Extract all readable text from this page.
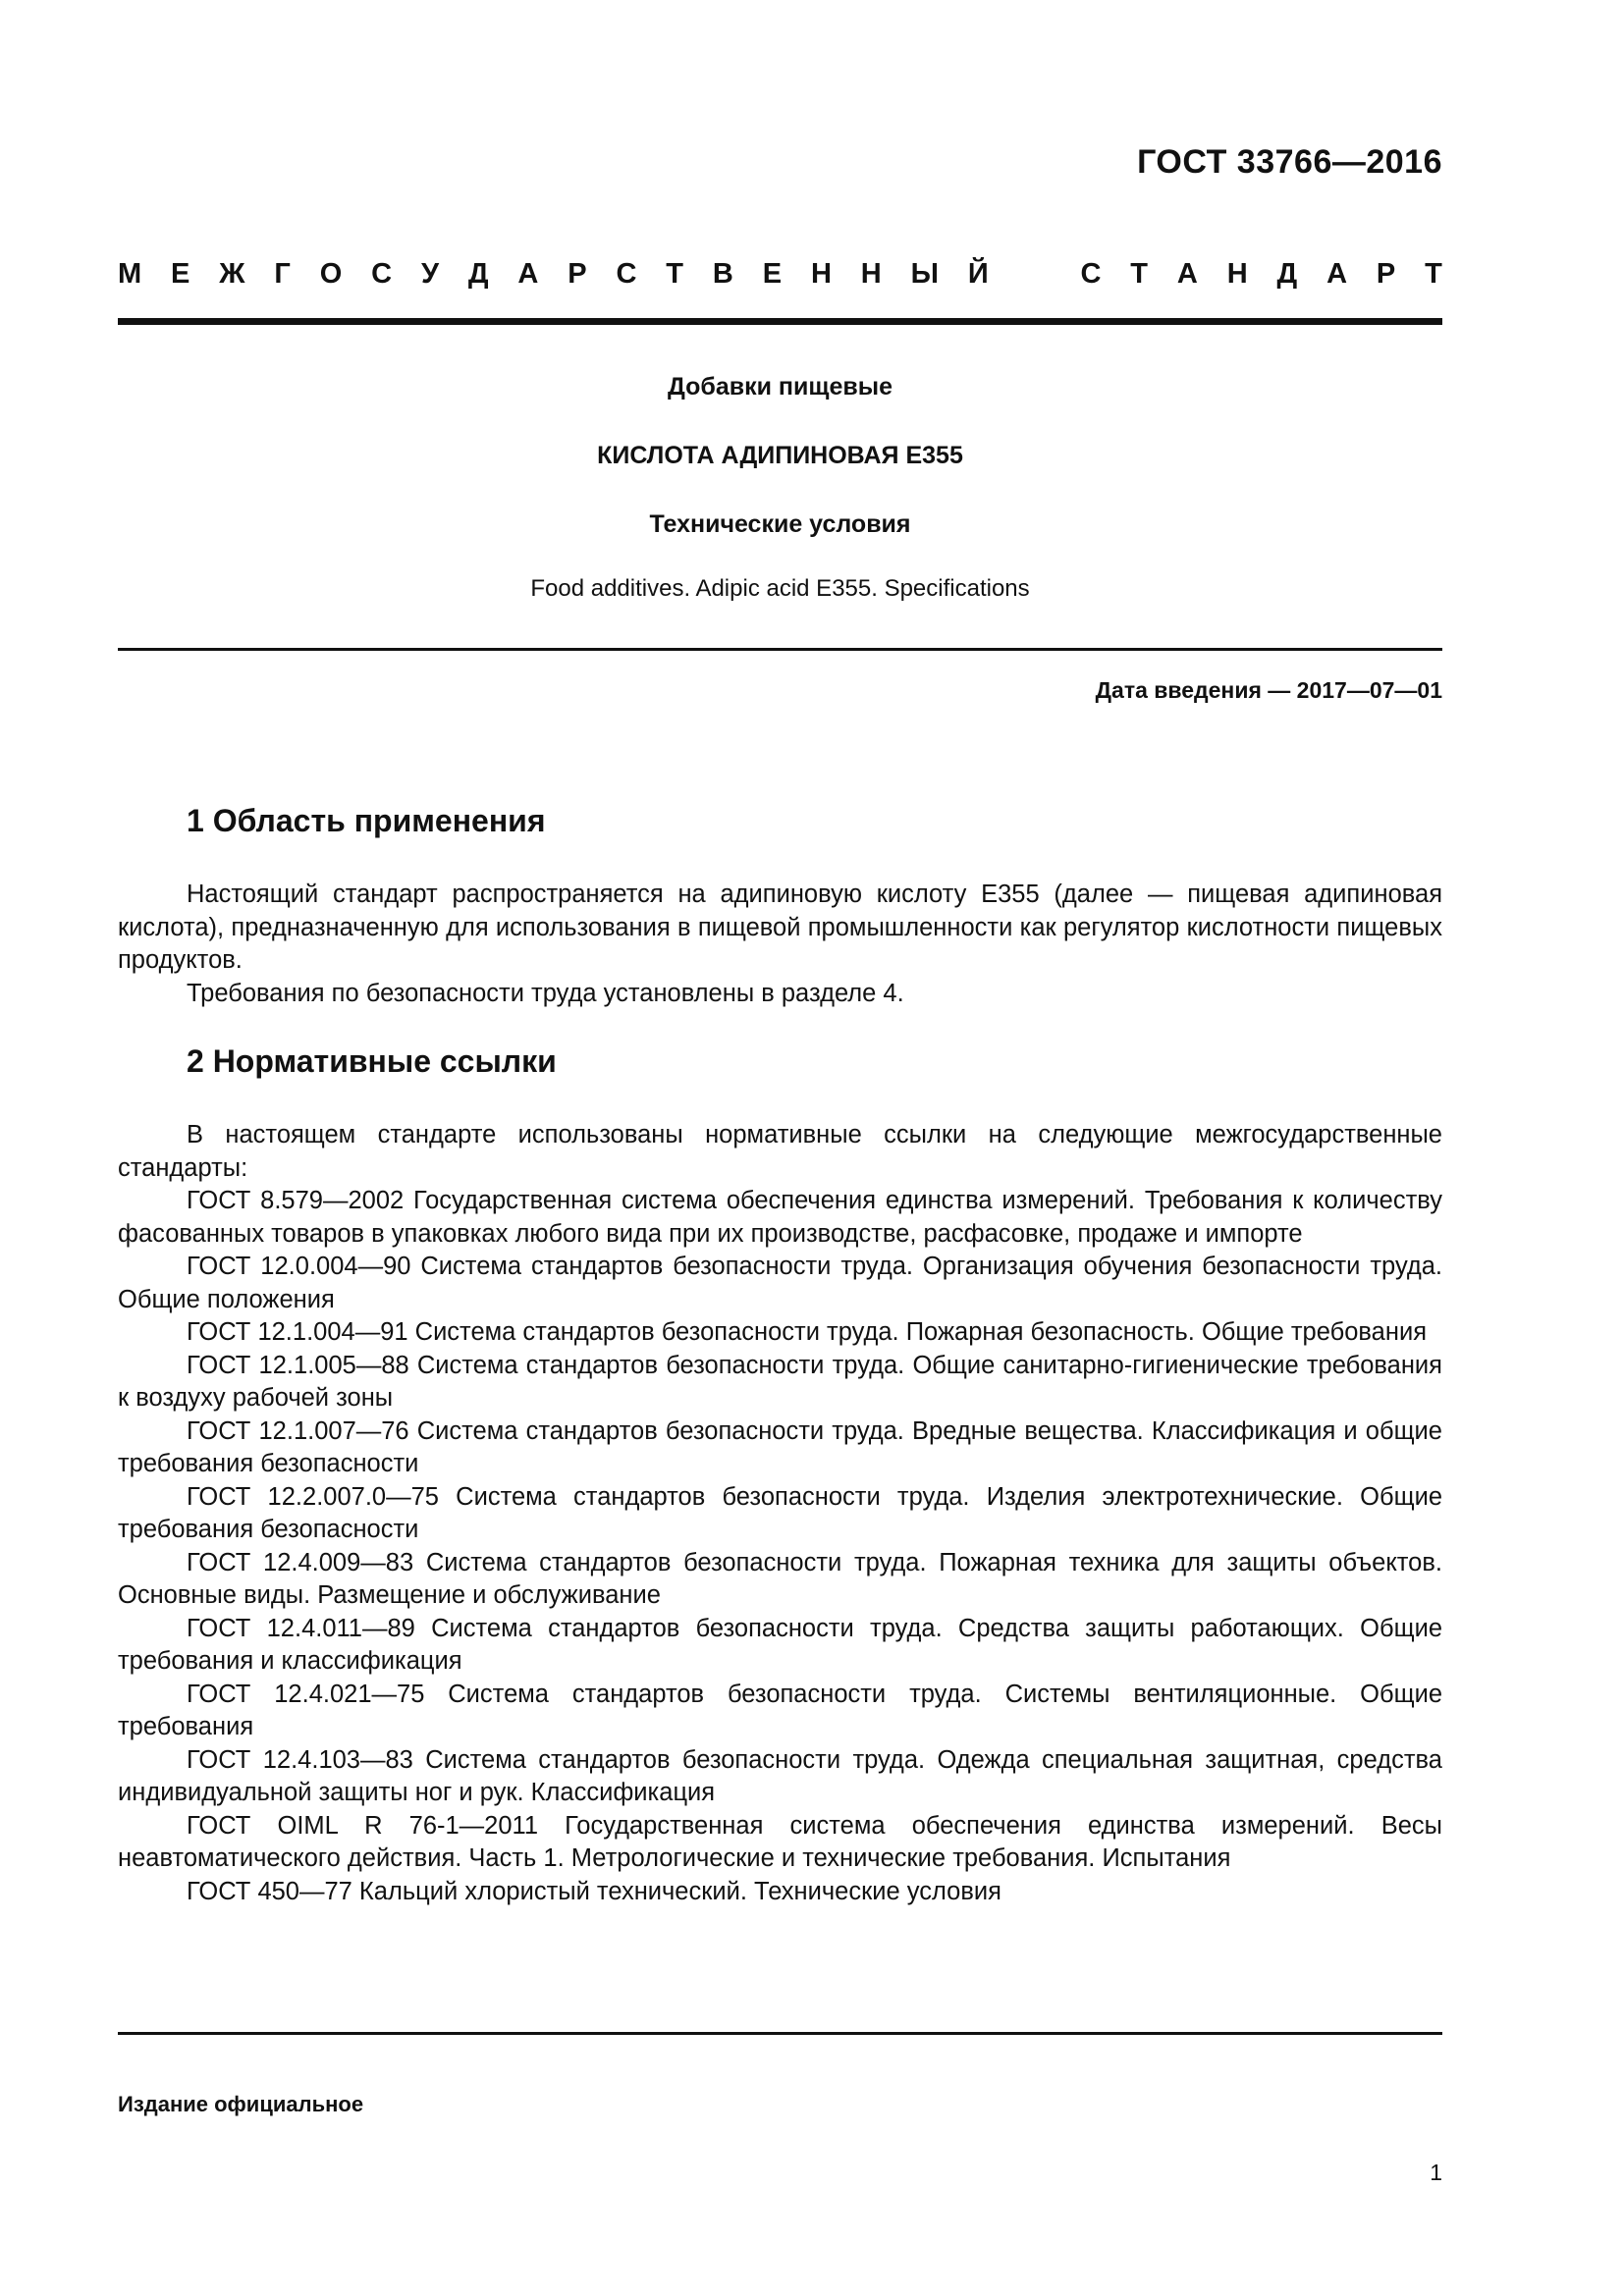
ГОСТ 33766—2016
М Е Ж Г О С У Д А Р С Т В Е Н Н Ы Й	С Т А Н Д А Р Т
Добавки пищевые
КИСЛОТА АДИПИНОВАЯ Е355
Технические условия
Food additives. Adipic acid E355. Specifications
Дата введения — 2017—07—01
1 Область применения

Настоящий стандарт распространяется на адипиновую кислоту Е355 (далее — пищевая адипиновая кислота), предназначенную для использования в пищевой промышленности как регулятор кислотности пищевых продуктов.

Требования по безопасности труда установлены в разделе 4.

2 Нормативные ссылки

В настоящем стандарте использованы нормативные ссылки на следующие межгосударственные стандарты:

ГОСТ 8.579—2002 Государственная система обеспечения единства измерений. Требования к количеству фасованных товаров в упаковках любого вида при их производстве, расфасовке, продаже и импорте

ГОСТ 12.0.004—90 Система стандартов безопасности труда. Организация обучения безопасности труда. Общие положения

ГОСТ 12.1.004—91 Система стандартов безопасности труда. Пожарная безопасность. Общие требования

ГОСТ 12.1.005—88 Система стандартов безопасности труда. Общие санитарно-гигиенические требования к воздуху рабочей зоны

ГОСТ 12.1.007—76 Система стандартов безопасности труда. Вредные вещества. Классификация и общие требования безопасности

ГОСТ 12.2.007.0—75 Система стандартов безопасности труда. Изделия электротехнические. Общие требования безопасности

ГОСТ 12.4.009—83 Система стандартов безопасности труда. Пожарная техника для защиты объектов. Основные виды. Размещение и обслуживание

ГОСТ 12.4.011—89 Система стандартов безопасности труда. Средства защиты работающих. Общие требования и классификация

ГОСТ 12.4.021—75 Система стандартов безопасности труда. Системы вентиляционные. Общие требования

ГОСТ 12.4.103—83 Система стандартов безопасности труда. Одежда специальная защитная, средства индивидуальной защиты ног и рук. Классификация

ГОСТ OIML R 76-1—2011 Государственная система обеспечения единства измерений. Весы неавтоматического действия. Часть 1. Метрологические и технические требования. Испытания

ГОСТ 450—77 Кальций хлористый технический. Технические условия

Издание официальное
1
